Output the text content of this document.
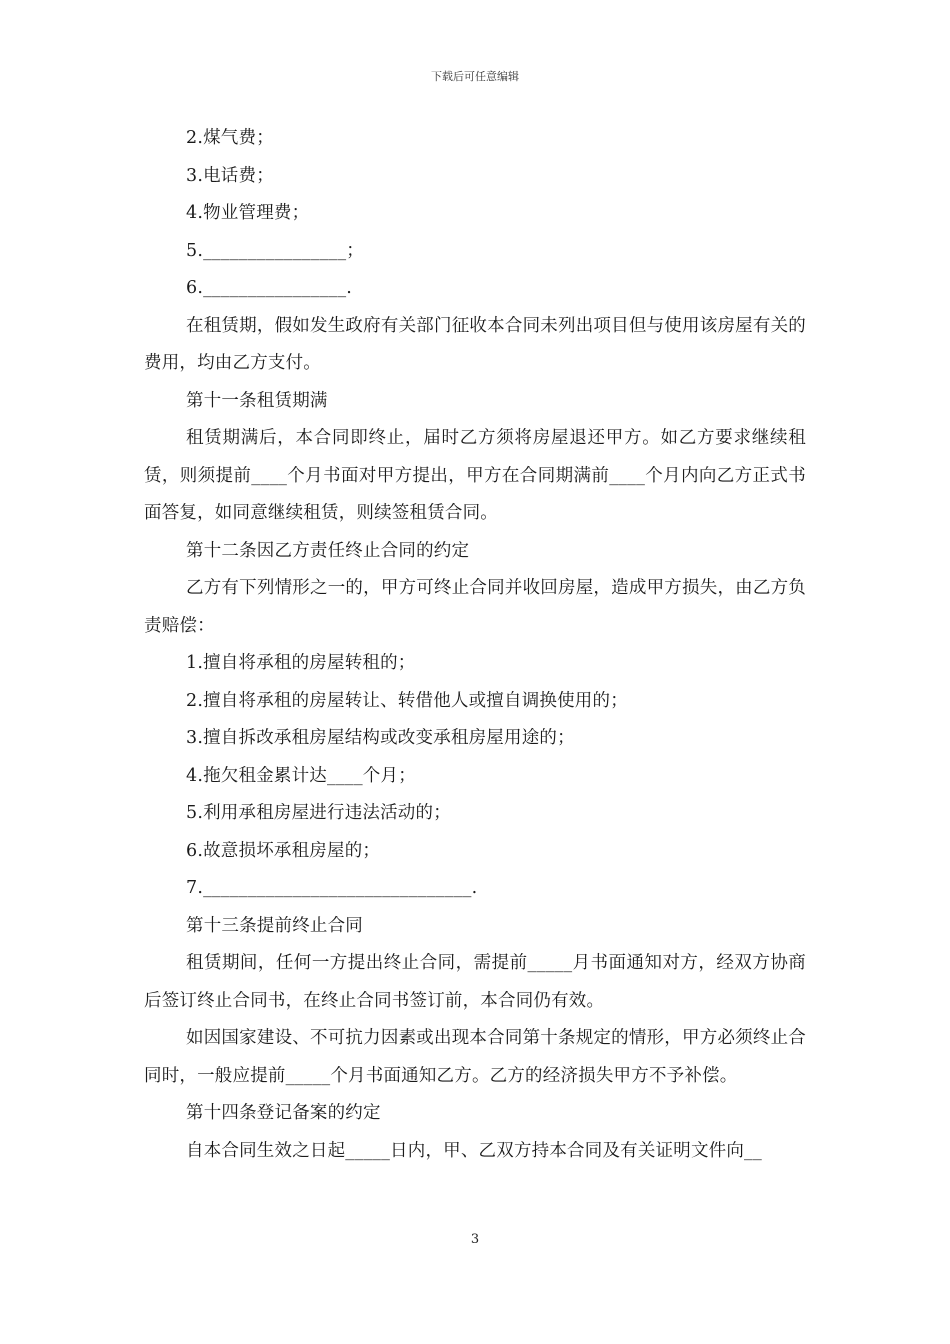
下载后可任意编辑

2.煤气费；

3.电话费；

4.物业管理费；

5.________________；

6.________________.

在租赁期，假如发生政府有关部门征收本合同未列出项目但与使用该房屋有关的费用，均由乙方支付。

第十一条租赁期满

租赁期满后，本合同即终止，届时乙方须将房屋退还甲方。如乙方要求继续租赁，则须提前____个月书面对甲方提出，甲方在合同期满前____个月内向乙方正式书面答复，如同意继续租赁，则续签租赁合同。

第十二条因乙方责任终止合同的约定

乙方有下列情形之一的，甲方可终止合同并收回房屋，造成甲方损失，由乙方负责赔偿：

1.擅自将承租的房屋转租的；

2.擅自将承租的房屋转让、转借他人或擅自调换使用的；

3.擅自拆改承租房屋结构或改变承租房屋用途的；

4.拖欠租金累计达____个月；

5.利用承租房屋进行违法活动的；

6.故意损坏承租房屋的；

7.______________________________.

第十三条提前终止合同

租赁期间，任何一方提出终止合同，需提前_____月书面通知对方，经双方协商后签订终止合同书，在终止合同书签订前，本合同仍有效。

如因国家建设、不可抗力因素或出现本合同第十条规定的情形，甲方必须终止合同时，一般应提前_____个月书面通知乙方。乙方的经济损失甲方不予补偿。

第十四条登记备案的约定

自本合同生效之日起_____日内，甲、乙双方持本合同及有关证明文件向__

3
